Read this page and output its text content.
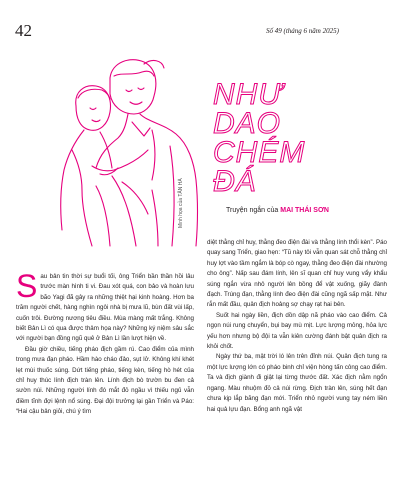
42	Số 49 (tháng 6 năm 2025)
Minh họa của TÂN HÀ
NHƯ
DAO
CHÉM
ĐÁ
Truyện ngắn của MAI THÁI SƠN

diệt thằng chỉ huy, thằng đeo điện đài và thằng lính thổi kèn”. Páo quay sang Triển, giao hẹn: “Tũ này tôi vẫn quan sát chỗ thằng chỉ huy lợt vào tầm ngắm là bóp cò ngay, thằng đeo điện đài nhường cho ông”. Nấp sau đám lính, lên sĩ quan chỉ huy vung vẩy khẩu súng ngắn vừa nhô người lên bồng để vật xuống, giãy đành đạch. Trúng đạn, thằng lính đeo điện đài cũng ngã sấp mặt. Như rắn mất đầu, quân địch hoảng sợ chạy rạt hai bên.

Suốt hai ngày liền, địch dồn dập nã pháo vào cao điểm. Cả ngọn núi rung chuyển, bụi bay mù mịt. Lực lượng mỏng, hỏa lực yếu hơn nhưng bộ đội ta vẫn kiên cường đánh bật quân địch ra khỏi chốt.

Ngày thứ ba, mật trời ló lên trên đỉnh núi. Quân địch tung ra một lực lượng lớn có pháo binh chỉ viện hòng tấn công cao điểm. Ta và địch giành đi giật lại từng thước đất. Xác địch nằm ngổn ngang. Màu nhuộm đỏ cả núi rừng. Địch tràn lên, súng hết đạn chưa kịp lắp băng đạn mới. Triển nhỏ người vung tay ném liền hai quả lựu đạn. Bổng anh ngã vật

Sau bản tin thời sự buổi tối, ông Triển bần thần hồi lâu trước màn hình ti vi. Đau xót quá, con bảo và hoàn lưu bão Yagi đã gây ra những thiệt hại kinh hoàng. Hơn ba trăm người chết, hàng nghìn ngôi nhà bị mưa lũ, bùn đất vùi lấp, cuốn trôi. Đường nương tiêu điều. Mùa màng mất trắng. Không biết Bản Lì có qua được thảm họa này? Những ký niệm sâu sắc với người bạn đồng ngũ quê ở Bản Lì lần lượt hiện về.

Đầu giờ chiều, tiếng pháo địch gầm rú. Cao điểm của mình trong mưa đạn pháo. Hầm hào cháo đảo, sụt lở. Không khí khét lẹt mùi thuốc súng. Dứt tiếng pháo, tiếng kèn, tiếng hò hét của chỉ huy thúc lính địch tràn lên. Lính địch bò trườn bu đen cả sườn núi. Những người lính đó mắt đỏ ngầu vì thiếu ngủ vẫn điềm tĩnh đợi lệnh nổ súng. Đại đội trưởng lại gần Triển và Páo: “Hai cậu bản giỏi, chú ý tìm
